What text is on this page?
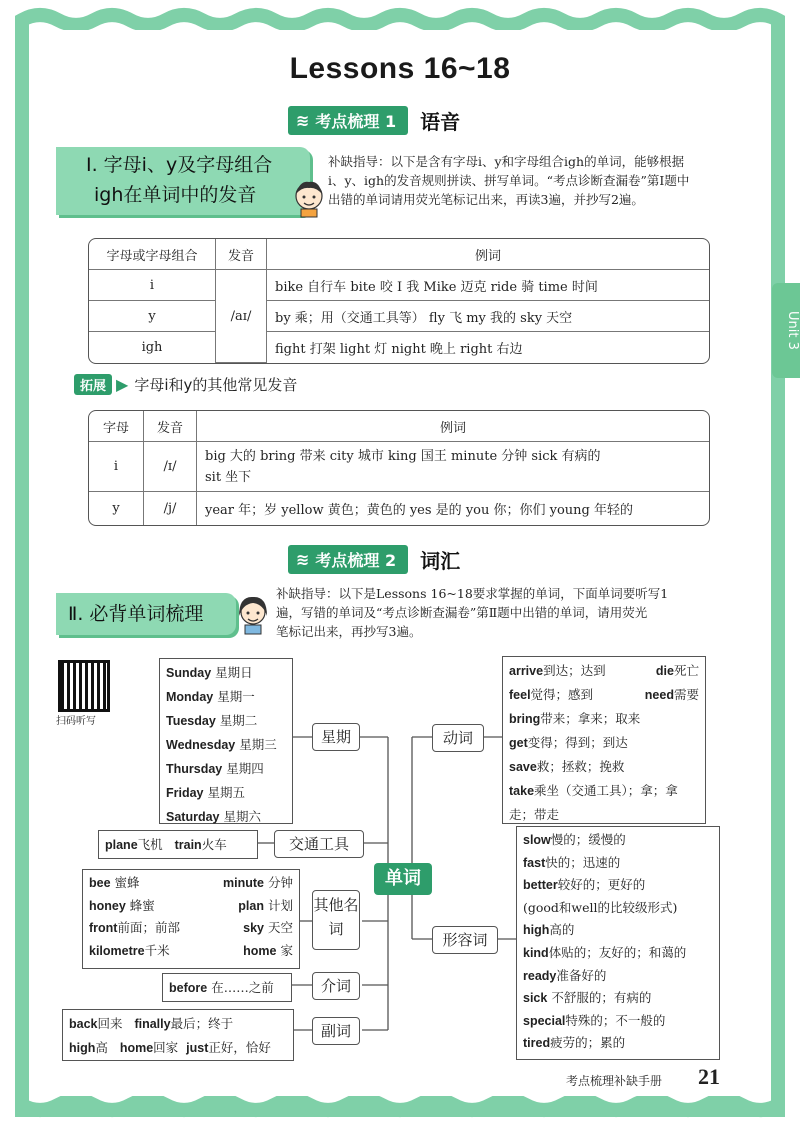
Lessons 16~18
Unit 3
≋ 考点梳理 1 语音
Ⅰ. 字母i、y及字母组合
igh在单词中的发音
补缺指导：以下是含有字母i、y和字母组合igh的单词，能够根据
i、y、igh的发音规则拼读、拼写单词。“考点诊断查漏卷”第Ⅰ题中
出错的单词请用荧光笔标记出来，再读3遍，并抄写2遍。
字母或字母组合	发音	例词
i	/aɪ/	bike 自行车 bite 咬 I 我 Mike 迈克 ride 骑 time 时间
y		by 乘；用（交通工具等） fly 飞 my 我的 sky 天空
igh		fight 打架 light 灯 night 晚上 right 右边
拓展 ▶ 字母i和y的其他常见发音
字母	发音	例词
i	/ɪ/	big 大的 bring 带来 city 城市 king 国王 minute 分钟 sick 有病的
sit 坐下

y	/j/	year 年；岁 yellow 黄色；黄色的 yes 是的 you 你；你们 young 年轻的
≋ 考点梳理 2 词汇
Ⅱ. 必背单词梳理
补缺指导：以下是Lessons 16~18要求掌握的单词，下面单词要听写1
遍，写错的单词及“考点诊断查漏卷”第Ⅱ题中出错的单词，请用荧光
笔标记出来，再抄写3遍。
扫码听写
单词
Sunday 星期日
Monday 星期一
Tuesday 星期二
Wednesday 星期三
Thursday 星期四
Friday 星期五
Saturday 星期六
星期
plane飞机 train火车	交通工具
bee 蜜蜂	minute 分钟
honey 蜂蜜	plan 计划
front前面；前部	sky 天空
kilometre千米	home 家
其他名词
before 在……之前	介词
back回来 finally最后；终于
high高 home回家 just正好，恰好
副词
动词
arrive到达；达到	die死亡
feel觉得；感到	need需要
bring带来；拿来；取来
get变得；得到；到达
save救；拯救；挽救
take乘坐（交通工具）；拿；拿
走；带走
形容词
slow慢的；缓慢的
fast快的；迅速的
better较好的；更好的
(good和well的比较级形式)
high高的
kind体贴的；友好的；和蔼的
ready准备好的
sick 不舒服的；有病的
special特殊的；不一般的
tired疲劳的；累的
考点梳理补缺手册 21
